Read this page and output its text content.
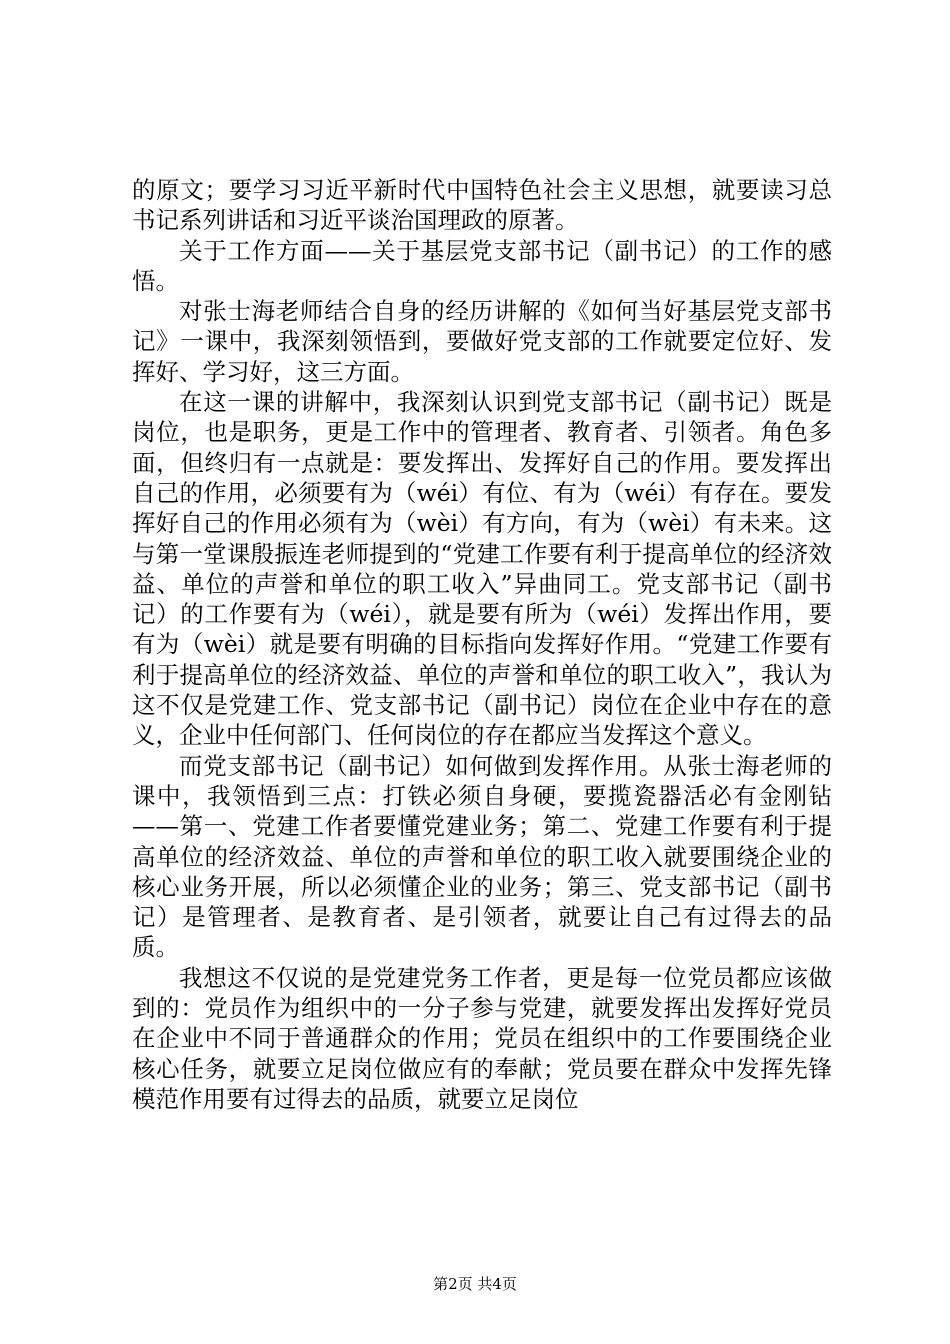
的原文；要学习习近平新时代中国特色社会主义思想，就要读习总书记系列讲话和习近平谈治国理政的原著。

关于工作方面——关于基层党支部书记（副书记）的工作的感悟。

对张士海老师结合自身的经历讲解的《如何当好基层党支部书记》一课中，我深刻领悟到，要做好党支部的工作就要定位好、发挥好、学习好，这三方面。

在这一课的讲解中，我深刻认识到党支部书记（副书记）既是岗位，也是职务，更是工作中的管理者、教育者、引领者。角色多面，但终归有一点就是：要发挥出、发挥好自己的作用。要发挥出自己的作用，必须要有为（wéi）有位、有为（wéi）有存在。要发挥好自己的作用必须有为（wèi）有方向，有为（wèi）有未来。这与第一堂课殷振连老师提到的“党建工作要有利于提高单位的经济效益、单位的声誉和单位的职工收入”异曲同工。党支部书记（副书记）的工作要有为（wéi），就是要有所为（wéi）发挥出作用，要有为（wèi）就是要有明确的目标指向发挥好作用。“党建工作要有利于提高单位的经济效益、单位的声誉和单位的职工收入”，我认为这不仅是党建工作、党支部书记（副书记）岗位在企业中存在的意义，企业中任何部门、任何岗位的存在都应当发挥这个意义。

而党支部书记（副书记）如何做到发挥作用。从张士海老师的课中，我领悟到三点：打铁必须自身硬，要揽瓷器活必有金刚钻——第一、党建工作者要懂党建业务；第二、党建工作要有利于提高单位的经济效益、单位的声誉和单位的职工收入就要围绕企业的核心业务开展，所以必须懂企业的业务；第三、党支部书记（副书记）是管理者、是教育者、是引领者，就要让自己有过得去的品质。

我想这不仅说的是党建党务工作者，更是每一位党员都应该做到的：党员作为组织中的一分子参与党建，就要发挥出发挥好党员在企业中不同于普通群众的作用；党员在组织中的工作要围绕企业核心任务，就要立足岗位做应有的奉献；党员要在群众中发挥先锋模范作用要有过得去的品质，就要立足岗位

第2页 共4页
